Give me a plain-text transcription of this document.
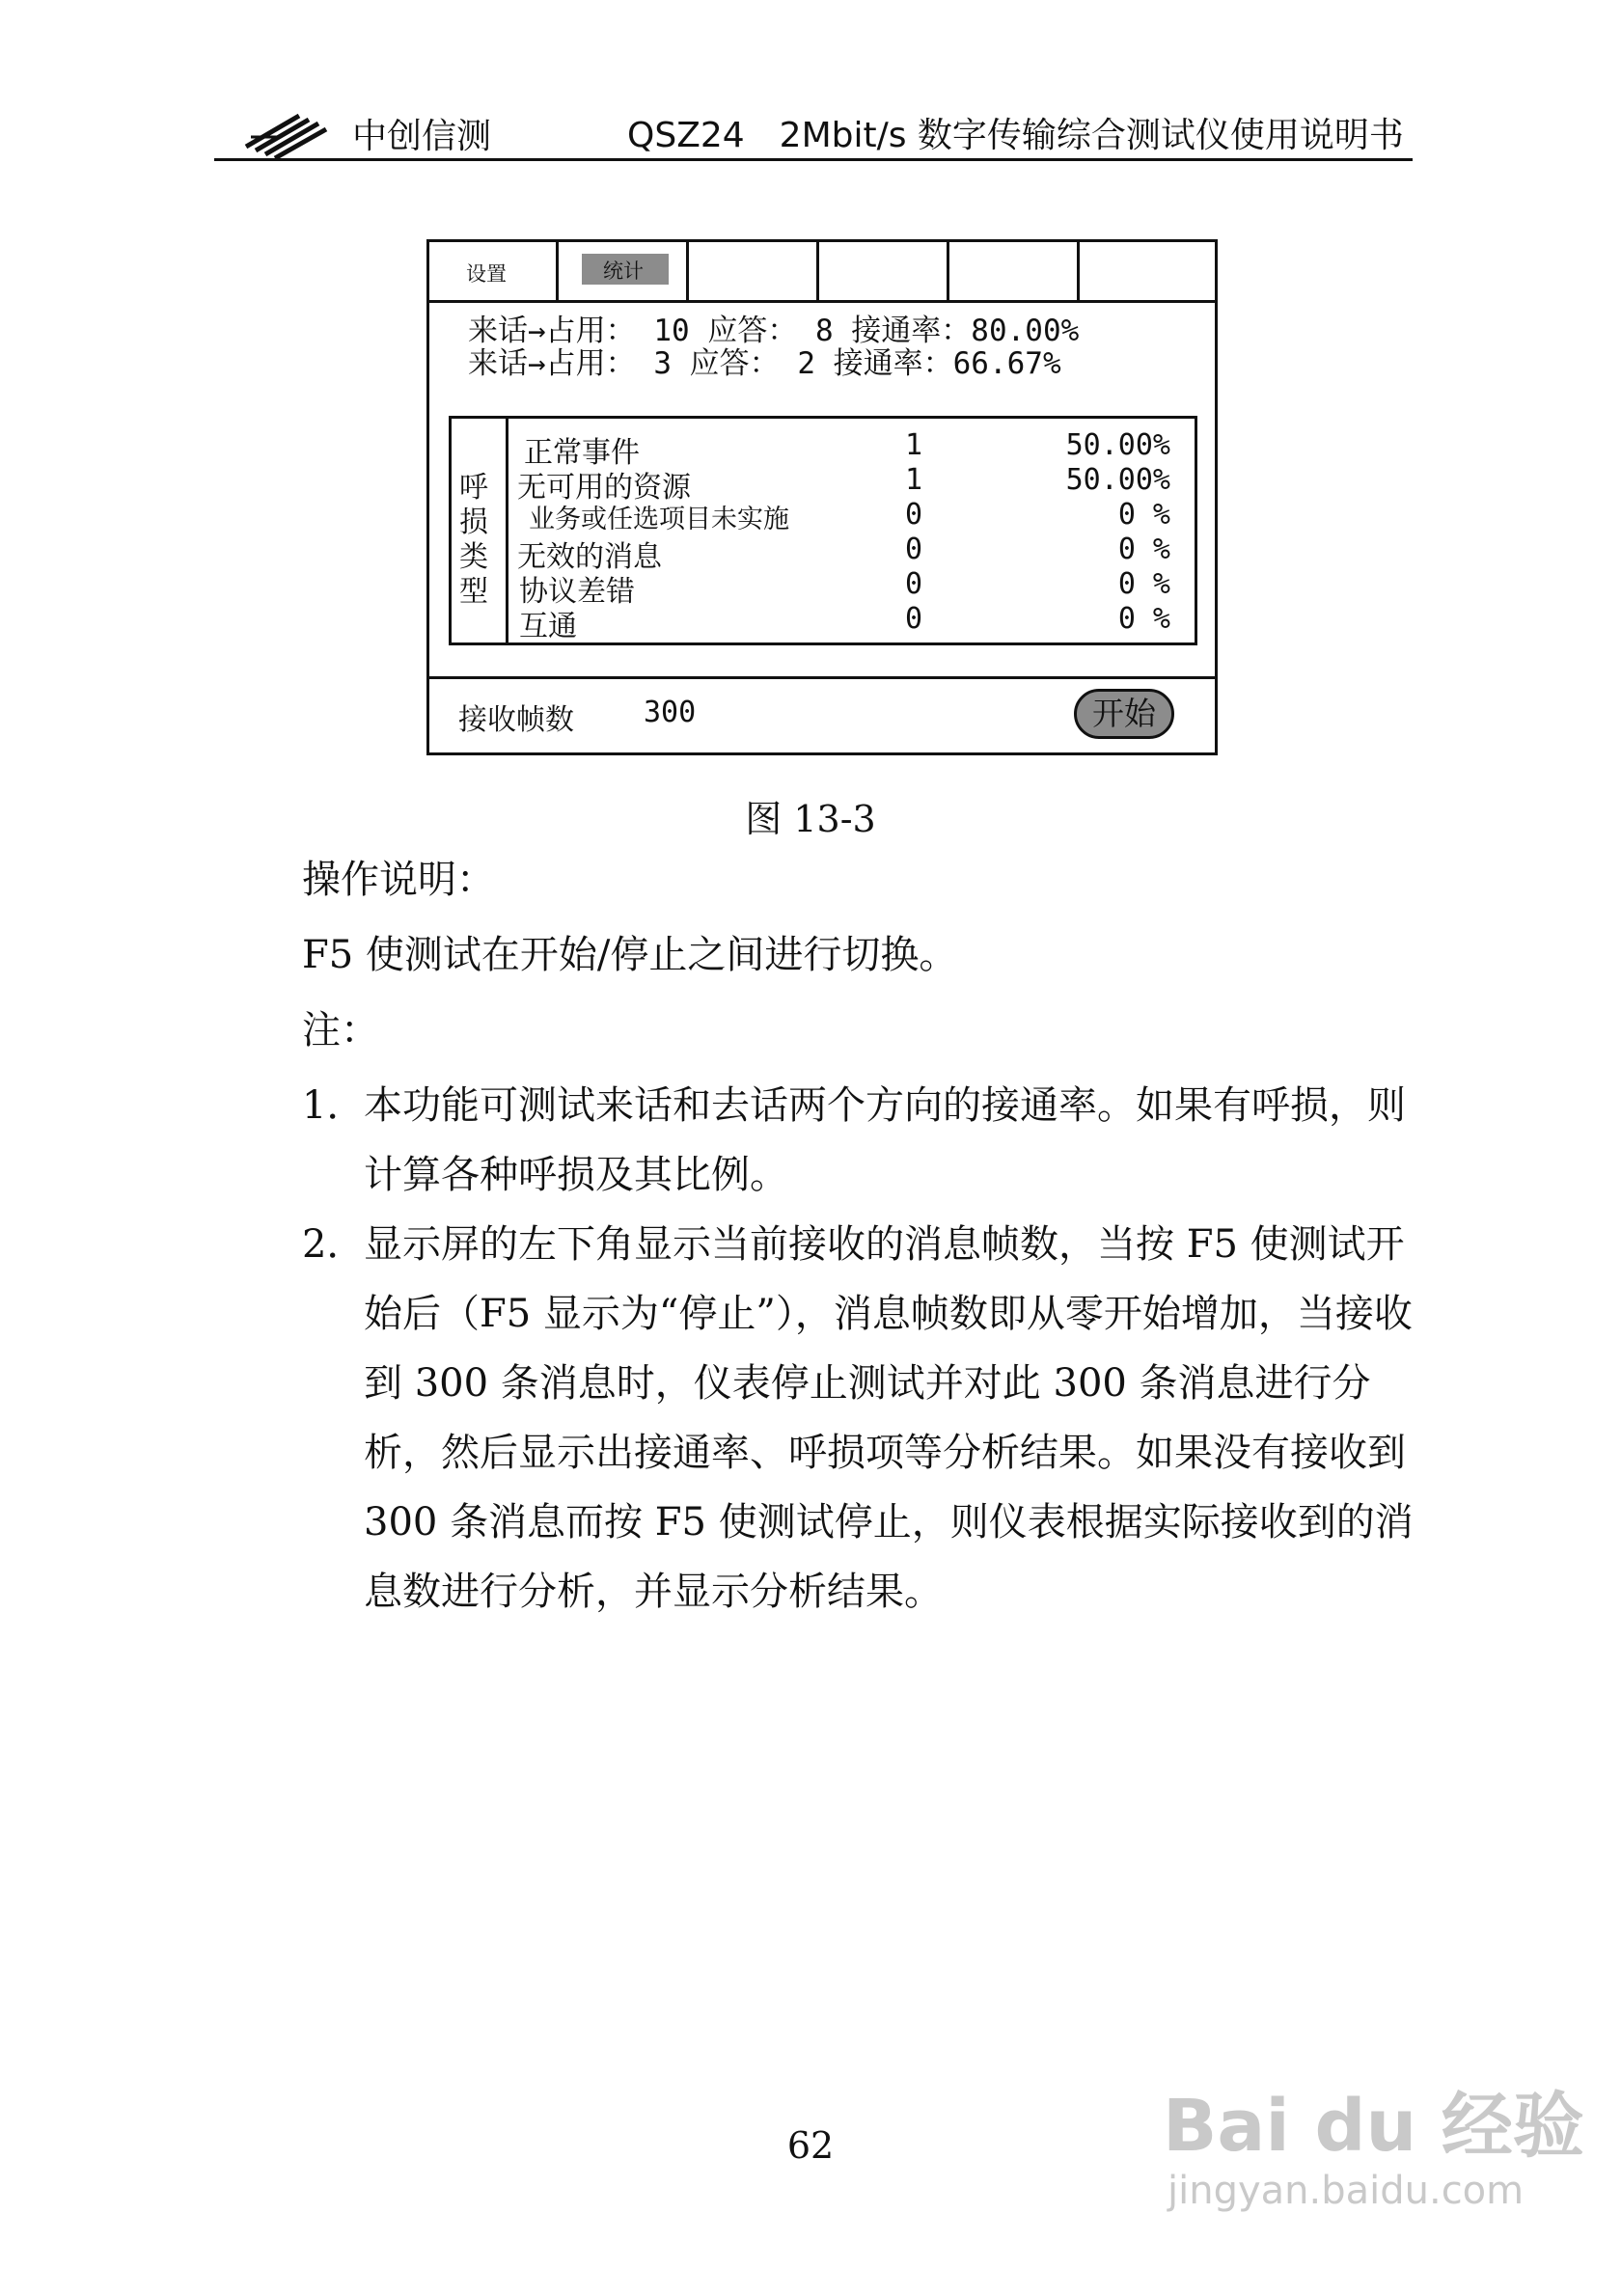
中创信测	QSZ24　2Mbit/s 数字传输综合测试仪使用说明书
设置	统计
来话→占用： 10 应答： 8 接通率：80.00%
来话→占用： 3 应答： 2 接通率：66.67%
呼
损
类
型
正常事件	1	50.00%
无可用的资源	1	50.00%
业务或任选项目未实施	0	0 %
无效的消息	0	0 %
协议差错	0	0 %
互通	0	0 %
接收帧数 300	开始
图 13-3
操作说明：
F5 使测试在开始/停止之间进行切换。
注：
1．
本功能可测试来话和去话两个方向的接通率。如果有呼损，则计算各种呼损及其比例。
2．
显示屏的左下角显示当前接收的消息帧数，当按 F5 使测试开始后（F5 显示为“停止”），消息帧数即从零开始增加，当接收到 300 条消息时，仪表停止测试并对此 300 条消息进行分析，然后显示出接通率、呼损项等分析结果。如果没有接收到 300 条消息而按 F5 使测试停止，则仪表根据实际接收到的消息数进行分析，并显示分析结果。
62	Bai du 经验
jingyan.baidu.com
